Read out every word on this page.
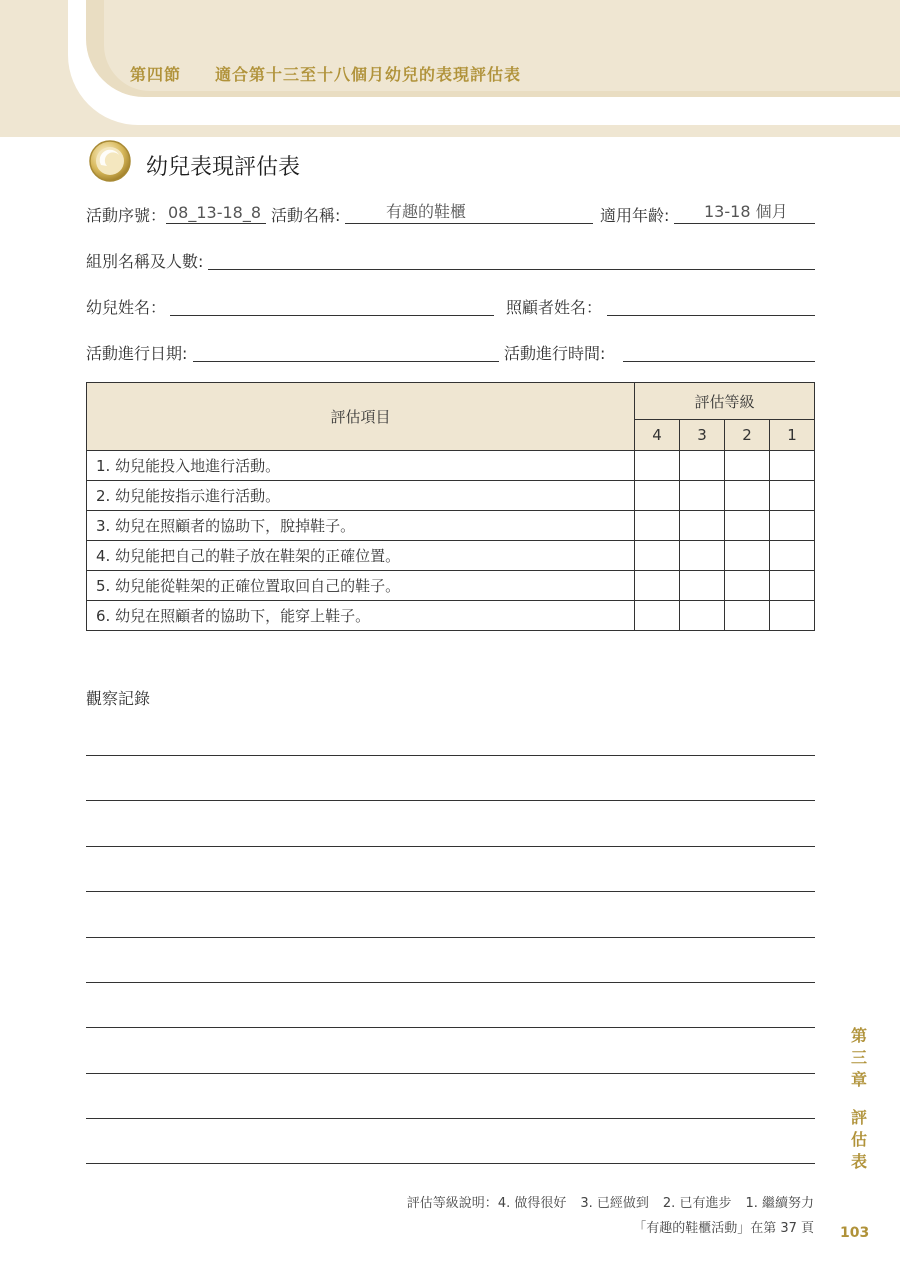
第四節 適合第十三至十八個月幼兒的表現評估表
幼兒表現評估表
活動序號： 08_13-18_8 活動名稱:	有趣的鞋櫃	適用年齡: 13-18 個月
組別名稱及人數:
幼兒姓名：	照顧者姓名：
活動進行日期:	活動進行時間:
評估項目	評估等級			
	4	3	2	1
1. 幼兒能投入地進行活動。				
2. 幼兒能按指示進行活動。				
3. 幼兒在照顧者的協助下，脫掉鞋子。				
4. 幼兒能把自己的鞋子放在鞋架的正確位置。				
5. 幼兒能從鞋架的正確位置取回自己的鞋子。				
6. 幼兒在照顧者的協助下，能穿上鞋子。				
觀察記錄
第
三
章
評
估
表
評估等級說明：4. 做得很好 3. 已經做到 2. 已有進步 1. 繼續努力
「有趣的鞋櫃活動」在第 37 頁 103
